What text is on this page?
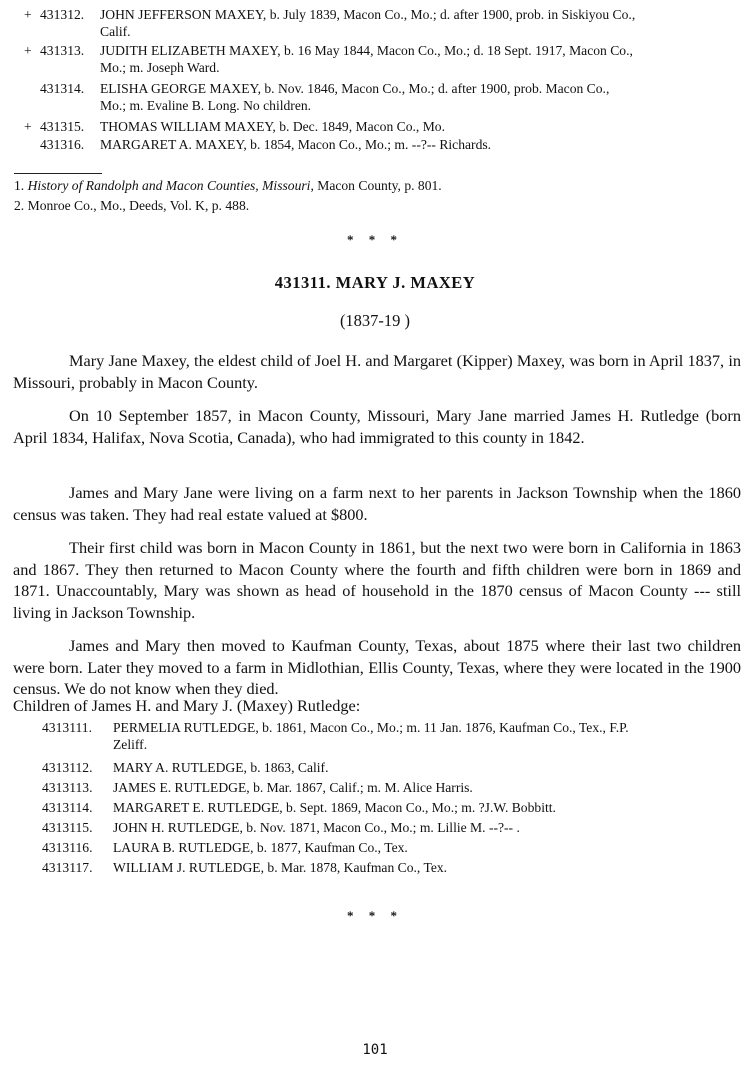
+ 431312. JOHN JEFFERSON MAXEY, b. July 1839, Macon Co., Mo.; d. after 1900, prob. in Siskiyou Co.,
Calif.
+ 431313. JUDITH ELIZABETH MAXEY, b. 16 May 1844, Macon Co., Mo.; d. 18 Sept. 1917, Macon Co.,
Mo.; m. Joseph Ward.
431314. ELISHA GEORGE MAXEY, b. Nov. 1846, Macon Co., Mo.; d. after 1900, prob. Macon Co.,
Mo.; m. Evaline B. Long. No children.
+ 431315. THOMAS WILLIAM MAXEY, b. Dec. 1849, Macon Co., Mo.
431316. MARGARET A. MAXEY, b. 1854, Macon Co., Mo.; m. --?-- Richards.
1. History of Randolph and Macon Counties, Missouri, Macon County, p. 801.
2. Monroe Co., Mo., Deeds, Vol. K, p. 488.
* * *
431311. MARY J. MAXEY
(1837-19 )
Mary Jane Maxey, the eldest child of Joel H. and Margaret (Kipper) Maxey, was born in April 1837, in Missouri, probably in Macon County.
On 10 September 1857, in Macon County, Missouri, Mary Jane married James H. Rutledge (born April 1834, Halifax, Nova Scotia, Canada), who had immigrated to this county in 1842.
James and Mary Jane were living on a farm next to her parents in Jackson Township when the 1860 census was taken. They had real estate valued at $800.
Their first child was born in Macon County in 1861, but the next two were born in California in 1863 and 1867. They then returned to Macon County where the fourth and fifth children were born in 1869 and 1871. Unaccountably, Mary was shown as head of household in the 1870 census of Macon County --- still living in Jackson Township.
James and Mary then moved to Kaufman County, Texas, about 1875 where their last two children were born. Later they moved to a farm in Midlothian, Ellis County, Texas, where they were located in the 1900 census. We do not know when they died.
Children of James H. and Mary J. (Maxey) Rutledge:
4313111. PERMELIA RUTLEDGE, b. 1861, Macon Co., Mo.; m. 11 Jan. 1876, Kaufman Co., Tex., F.P.
Zeliff.
4313112. MARY A. RUTLEDGE, b. 1863, Calif.
4313113. JAMES E. RUTLEDGE, b. Mar. 1867, Calif.; m. M. Alice Harris.
4313114. MARGARET E. RUTLEDGE, b. Sept. 1869, Macon Co., Mo.; m. ?J.W. Bobbitt.
4313115. JOHN H. RUTLEDGE, b. Nov. 1871, Macon Co., Mo.; m. Lillie M. --?-- .
4313116. LAURA B. RUTLEDGE, b. 1877, Kaufman Co., Tex.
4313117. WILLIAM J. RUTLEDGE, b. Mar. 1878, Kaufman Co., Tex.
* * *
101
